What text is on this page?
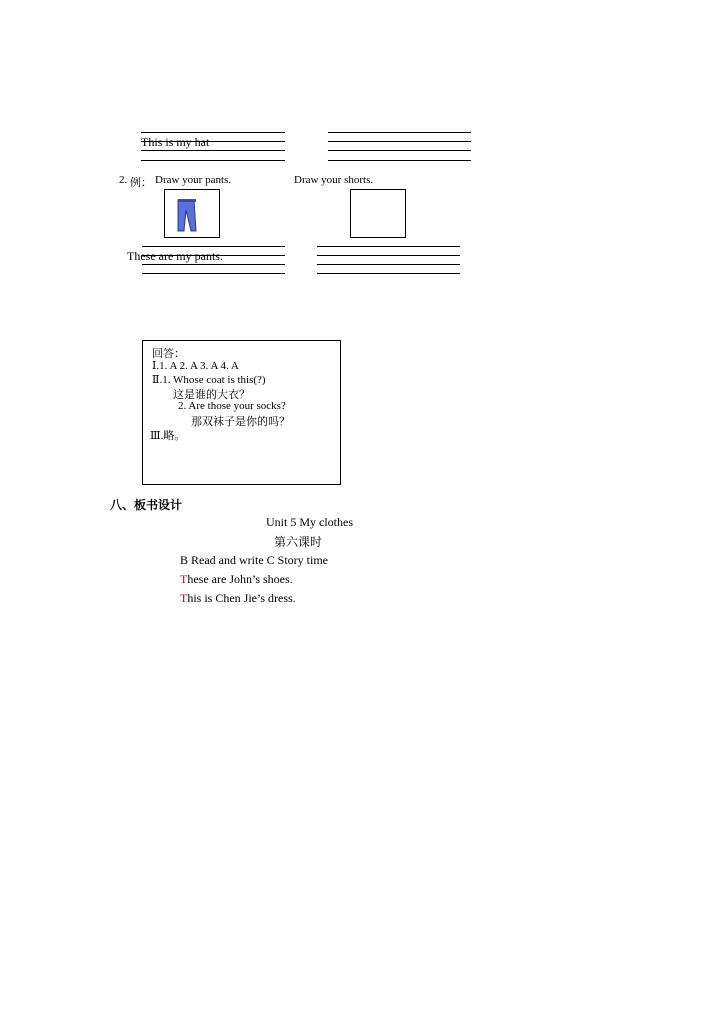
This is my hat
2. 例： Draw your pants.	Draw your shorts.
These are my pants.
回答：
Ⅰ.1. A 2. A 3. A 4. A
Ⅱ.1. Whose coat is this(?)
这是谁的大衣？
2. Are those your socks?
那双袜子是你的吗？
Ⅲ.略。
八、板书设计
Unit 5 My clothes
第六课时
B Read and write C Story time
These are John’s shoes.
This is Chen Jie’s dress.
